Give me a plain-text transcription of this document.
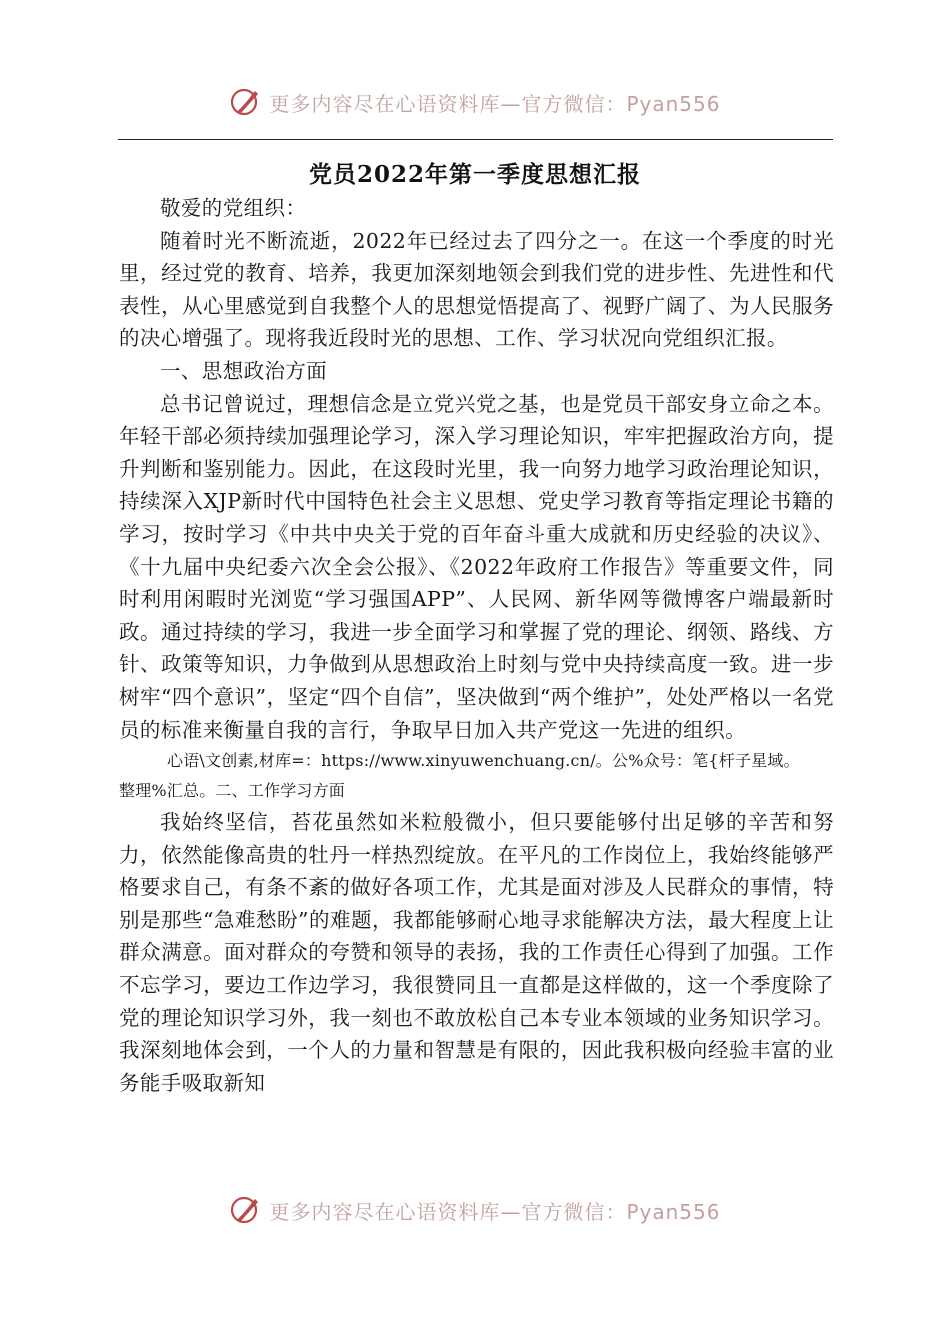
更多内容尽在心语资料库—官方微信：Pyan556
党员2022年第一季度思想汇报

敬爱的党组织：

随着时光不断流逝，2022年已经过去了四分之一。在这一个季度的时光里，经过党的教育、培养，我更加深刻地领会到我们党的进步性、先进性和代表性，从心里感觉到自我整个人的思想觉悟提高了、视野广阔了、为人民服务的决心增强了。现将我近段时光的思想、工作、学习状况向党组织汇报。

一、思想政治方面

总书记曾说过，理想信念是立党兴党之基，也是党员干部安身立命之本。年轻干部必须持续加强理论学习，深入学习理论知识，牢牢把握政治方向，提升判断和鉴别能力。因此，在这段时光里，我一向努力地学习政治理论知识，持续深入XJP新时代中国特色社会主义思想、党史学习教育等指定理论书籍的学习，按时学习《中共中央关于党的百年奋斗重大成就和历史经验的决议》、《十九届中央纪委六次全会公报》、《2022年政府工作报告》等重要文件，同时利用闲暇时光浏览“学习强国APP”、人民网、新华网等微博客户端最新时政。通过持续的学习，我进一步全面学习和掌握了党的理论、纲领、路线、方针、政策等知识，力争做到从思想政治上时刻与党中央持续高度一致。进一步树牢“四个意识”，坚定“四个自信”，坚决做到“两个维护”，处处严格以一名党员的标准来衡量自我的言行，争取早日加入共产党这一先进的组织。

心语\文创素,材库=：https://www.xinyuwenchuang.cn/。公%众号：笔{杆子星域。

整理%汇总。二、工作学习方面

我始终坚信，苔花虽然如米粒般微小，但只要能够付出足够的辛苦和努力，依然能像高贵的牡丹一样热烈绽放。在平凡的工作岗位上，我始终能够严格要求自己，有条不紊的做好各项工作，尤其是面对涉及人民群众的事情，特别是那些“急难愁盼”的难题，我都能够耐心地寻求能解决方法，最大程度上让群众满意。面对群众的夸赞和领导的表扬，我的工作责任心得到了加强。工作不忘学习，要边工作边学习，我很赞同且一直都是这样做的，这一个季度除了党的理论知识学习外，我一刻也不敢放松自己本专业本领域的业务知识学习。我深刻地体会到，一个人的力量和智慧是有限的，因此我积极向经验丰富的业务能手吸取新知

更多内容尽在心语资料库—官方微信：Pyan556
